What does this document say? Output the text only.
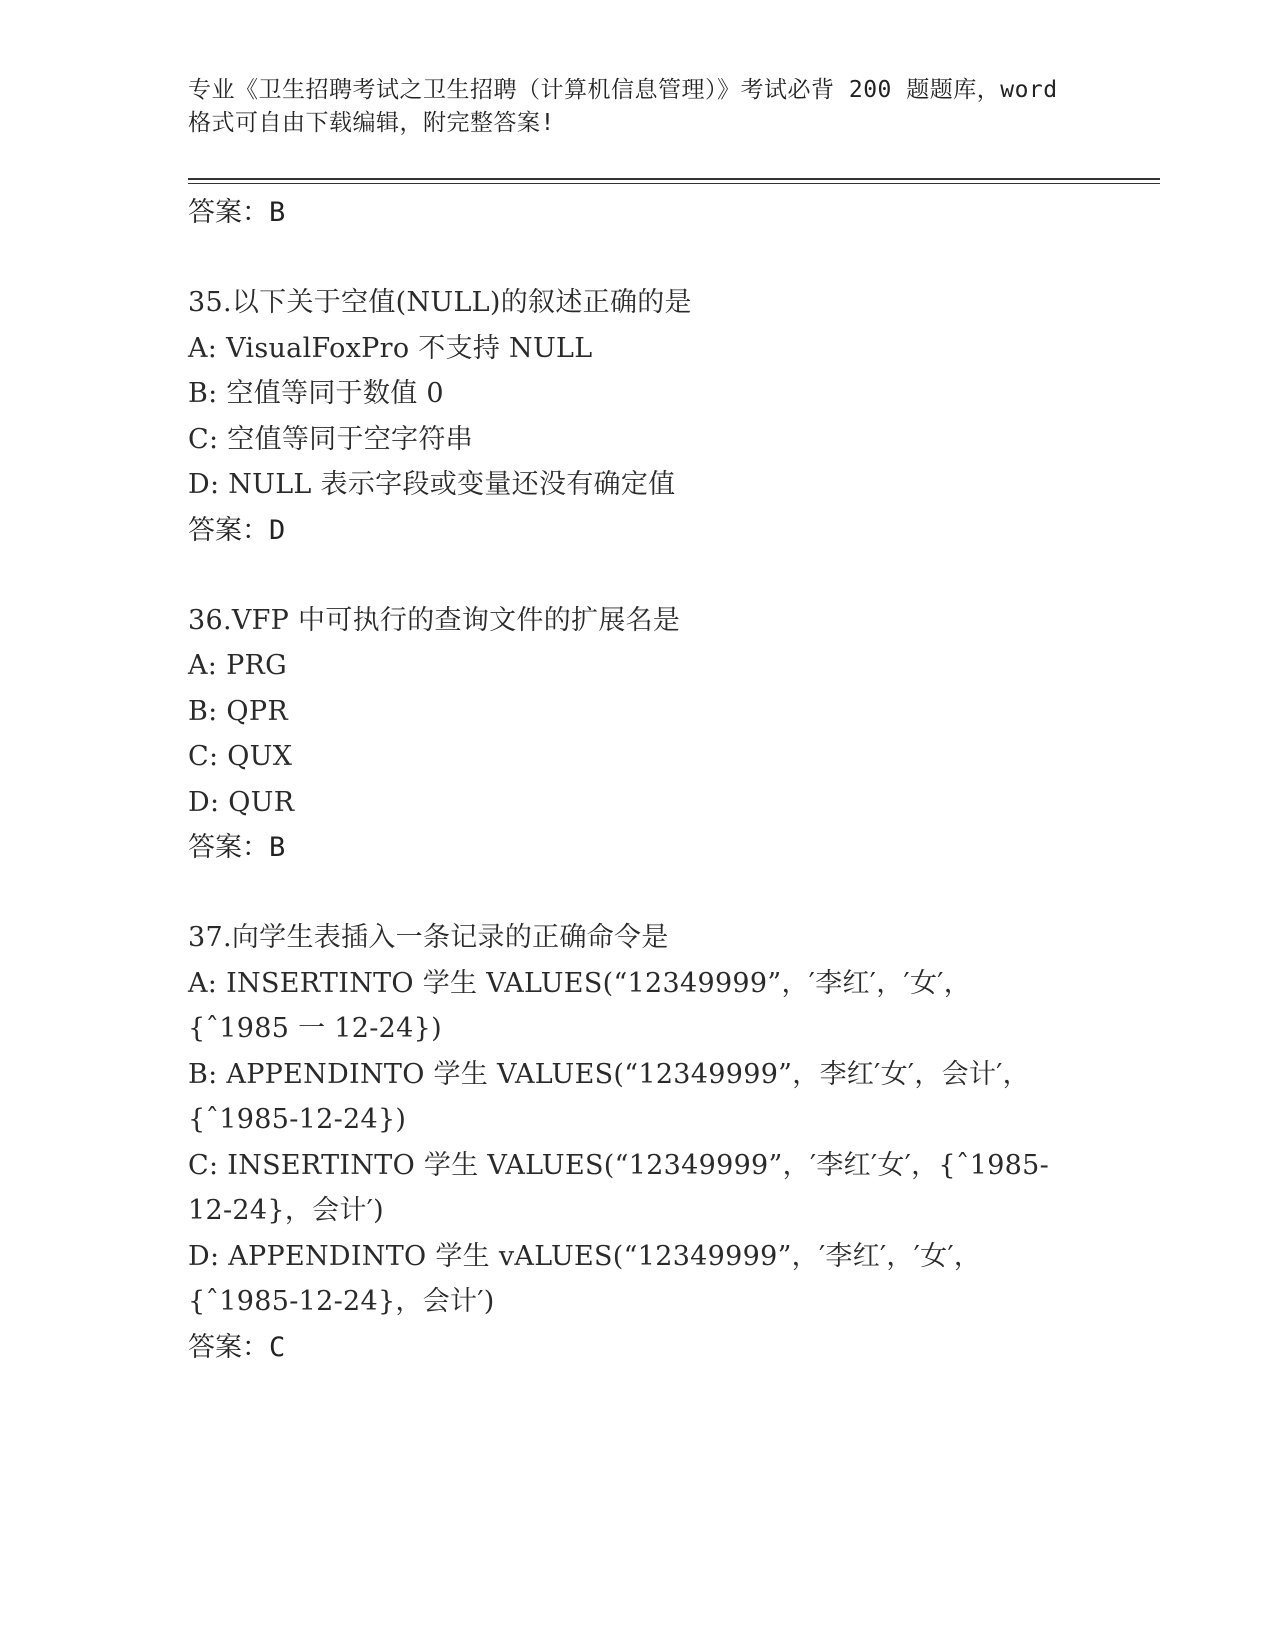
专业《卫生招聘考试之卫生招聘（计算机信息管理）》考试必背 200 题题库，word
格式可自由下载编辑，附完整答案!
答案：B
35.以下关于空值(NULL)的叙述正确的是
A: VisualFoxPro 不支持 NULL
B: 空值等同于数值 0
C: 空值等同于空字符串
D: NULL 表示字段或变量还没有确定值
答案：D
36.VFP 中可执行的查询文件的扩展名是
A: PRG
B: QPR
C: QUX
D: QUR
答案：B
37.向学生表插入一条记录的正确命令是
A: INSERTINTO 学生 VALUES(“12349999”，′李红′，′女′，
{ˆ1985 一 12-24})
B: APPENDINTO 学生 VALUES(“12349999”，李红′女′，会计′，
{ˆ1985-12-24})
C: INSERTINTO 学生 VALUES(“12349999”，′李红′女′，{ˆ1985-
12-24}，会计′)
D: APPENDINTO 学生 vALUES(“12349999”，′李红′，′女′，
{ˆ1985-12-24}，会计′)
答案：C
